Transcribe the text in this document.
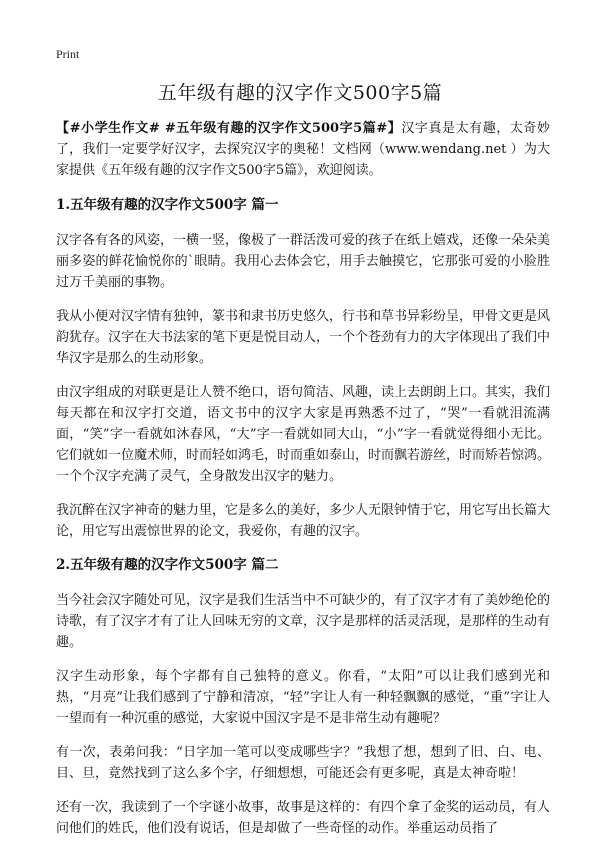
Print
五年级有趣的汉字作文500字5篇

【#小学生作文# #五年级有趣的汉字作文500字5篇#】汉字真是太有趣，太奇妙了，我们一定要学好汉字，去探究汉字的奥秘！文档网（www.wendang.net ）为大家提供《五年级有趣的汉字作文500字5篇》，欢迎阅读。

1.五年级有趣的汉字作文500字 篇一

汉字各有各的风姿，一横一竖，像极了一群活泼可爱的孩子在纸上嬉戏，还像一朵朵美丽多姿的鲜花愉悦你的`眼睛。我用心去体会它，用手去触摸它，它那张可爱的小脸胜过万千美丽的事物。

我从小便对汉字情有独钟，篆书和隶书历史悠久，行书和草书异彩纷呈，甲骨文更是风韵犹存。汉字在大书法家的笔下更是悦目动人，一个个苍劲有力的大字体现出了我们中华汉字是那么的生动形象。

由汉字组成的对联更是让人赞不绝口，语句简洁、风趣，读上去朗朗上口。其实，我们每天都在和汉字打交道，语文书中的汉字大家是再熟悉不过了，“哭”一看就泪流满面，“笑”字一看就如沐春风，“大”字一看就如同大山，“小”字一看就觉得细小无比。它们就如一位魔术师，时而轻如鸿毛，时而重如泰山，时而飘若游丝，时而矫若惊鸿。一个个汉字充满了灵气，全身散发出汉字的魅力。

我沉醉在汉字神奇的魅力里，它是多么的美好，多少人无限钟情于它，用它写出长篇大论，用它写出震惊世界的论文，我爱你，有趣的汉字。

2.五年级有趣的汉字作文500字 篇二

当今社会汉字随处可见，汉字是我们生活当中不可缺少的，有了汉字才有了美妙绝伦的诗歌，有了汉字才有了让人回味无穷的文章，汉字是那样的活灵活现，是那样的生动有趣。

汉字生动形象，每个字都有自己独特的意义。你看，“太阳”可以让我们感到光和热，“月亮”让我们感到了宁静和清凉，“轻”字让人有一种轻飘飘的感觉，“重”字让人一望而有一种沉重的感觉，大家说中国汉字是不是非常生动有趣呢？

有一次，表弟问我：“日字加一笔可以变成哪些字？”我想了想，想到了旧、白、电、目、旦，竟然找到了这么多个字，仔细想想，可能还会有更多呢，真是太神奇啦！

还有一次，我读到了一个字谜小故事，故事是这样的：有四个拿了金奖的运动员，有人问他们的姓氏，他们没有说话，但是却做了一些奇怪的动作。举重运动员指了
